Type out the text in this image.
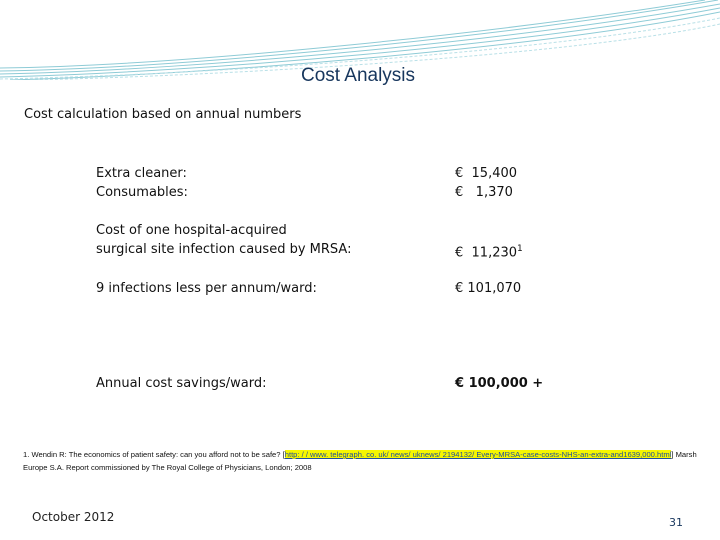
Cost Analysis
Cost calculation based on annual numbers
Extra cleaner:	€  15,400
Consumables:	€   1,370
Cost of one hospital-acquired
surgical site infection caused by MRSA:	€  11,230$^1$
9 infections less per annum/ward:	€ 101,070
Annual cost savings/ward:	€ 100,000 +
1. Wendin R: The economics of patient safety: can you afford not to be safe? [http: / / www. telegraph. co. uk/ news/ uknews/ 2194132/ Every-MRSA-case-costs-NHS-an-extra-and1639,000.html] Marsh Europe S.A. Report commissioned by The Royal College of Physicians, London; 2008
October 2012	31
